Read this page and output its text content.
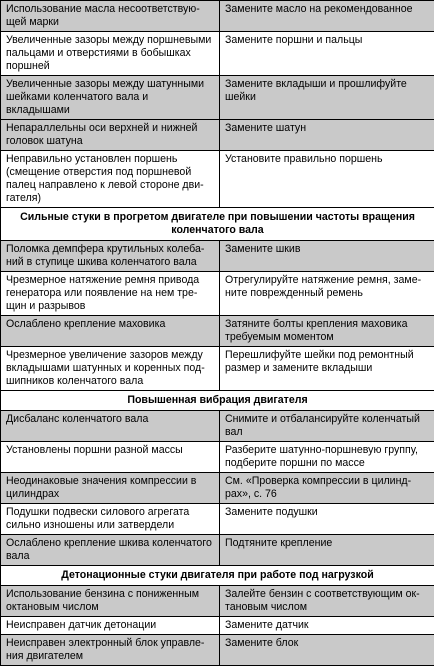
Использование масла несоответствующей марки	Замените масло на рекомендованное
Увеличенные зазоры между поршневыми пальцами и отверстиями в бобышках поршней	Замените поршни и пальцы
Увеличенные зазоры между шатунными шейками коленчатого вала и вкладышами	Замените вкладыши и прошлифуйте шейки
Непараллельны оси верхней и нижней головок шатуна	Замените шатун
Неправильно установлен поршень (смещение отверстия под поршневой палец направлено к левой стороне двигателя)	Установите правильно поршень
Сильные стуки в прогретом двигателе при повышении частоты вращения коленчатого вала	
Поломка демпфера крутильных колебаний в ступице шкива коленчатого вала	Замените шкив
Чрезмерное натяжение ремня привода генератора или появление на нем трещин и разрывов	Отрегулируйте натяжение ремня, замените поврежденный ремень
Ослаблено крепление маховика	Затяните болты крепления маховика требуемым моментом
Чрезмерное увеличение зазоров между вкладышами шатунных и коренных подшипников коленчатого вала	Перешлифуйте шейки под ремонтный размер и замените вкладыши
Повышенная вибрация двигателя	
Дисбаланс коленчатого вала	Снимите и отбалансируйте коленчатый вал
Установлены поршни разной массы	Разберите шатунно-поршневую группу, подберите поршни по массе
Неодинаковые значения компрессии в цилиндрах	См. «Проверка компрессии в цилиндрах», с. 76
Подушки подвески силового агрегата сильно изношены или затвердели	Замените подушки
Ослаблено крепление шкива коленчатого вала	Подтяните крепление
Детонационные стуки двигателя при работе под нагрузкой	
Использование бензина с пониженным октановым числом	Залейте бензин с соответствующим октановым числом
Неисправен датчик детонации	Замените датчик
Неисправен электронный блок управления двигателем	Замените блок
